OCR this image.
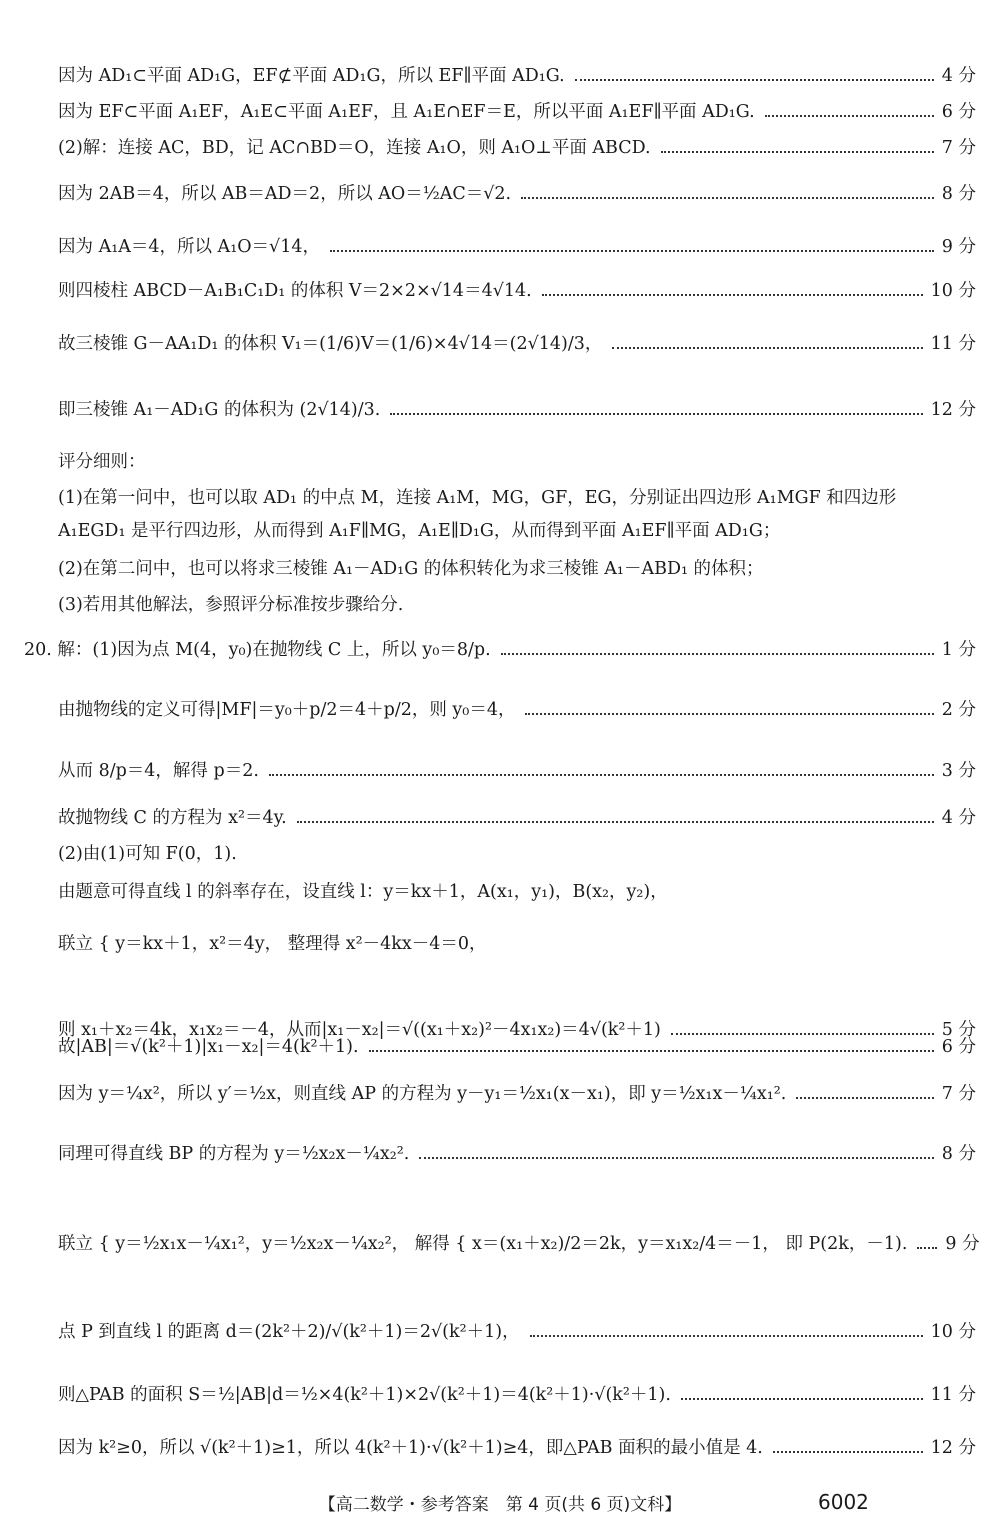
因为 AD₁⊂平面 AD₁G，EF⊄平面 AD₁G，所以 EF∥平面 AD₁G.	4 分
因为 EF⊂平面 A₁EF，A₁E⊂平面 A₁EF，且 A₁E∩EF＝E，所以平面 A₁EF∥平面 AD₁G.	6 分
(2)解：连接 AC，BD，记 AC∩BD＝O，连接 A₁O，则 A₁O⊥平面 ABCD.	7 分
因为 2AB＝4，所以 AB＝AD＝2，所以 AO＝½AC＝√2.	8 分
因为 A₁A＝4，所以 A₁O＝√14，	9 分
则四棱柱 ABCD－A₁B₁C₁D₁ 的体积 V＝2×2×√14＝4√14.	10 分
故三棱锥 G－AA₁D₁ 的体积 V₁＝(1/6)V＝(1/6)×4√14＝(2√14)/3，	11 分
即三棱锥 A₁－AD₁G 的体积为 (2√14)/3.	12 分
评分细则：
(1)在第一问中，也可以取 AD₁ 的中点 M，连接 A₁M，MG，GF，EG，分别证出四边形 A₁MGF 和四边形
A₁EGD₁ 是平行四边形，从而得到 A₁F∥MG，A₁E∥D₁G，从而得到平面 A₁EF∥平面 AD₁G；
(2)在第二问中，也可以将求三棱锥 A₁－AD₁G 的体积转化为求三棱锥 A₁－ABD₁ 的体积；
(3)若用其他解法，参照评分标准按步骤给分.
20. 解：(1)因为点 M(4，y₀)在抛物线 C 上，所以 y₀＝8/p.	1 分
由抛物线的定义可得|MF|＝y₀＋p/2＝4＋p/2，则 y₀＝4，	2 分
从而 8/p＝4，解得 p＝2.	3 分
故抛物线 C 的方程为 x²＝4y.	4 分
(2)由(1)可知 F(0，1).
由题意可得直线 l 的斜率存在，设直线 l：y＝kx＋1，A(x₁，y₁)，B(x₂，y₂)，
联立 { y＝kx＋1，x²＝4y， 整理得 x²－4kx－4＝0，
则 x₁＋x₂＝4k，x₁x₂＝－4，从而|x₁－x₂|＝√((x₁＋x₂)²－4x₁x₂)＝4√(k²＋1)	5 分
故|AB|＝√(k²＋1)|x₁－x₂|＝4(k²＋1).	6 分
因为 y＝¼x²，所以 y′＝½x，则直线 AP 的方程为 y－y₁＝½x₁(x－x₁)，即 y＝½x₁x－¼x₁².	7 分
同理可得直线 BP 的方程为 y＝½x₂x－¼x₂².	8 分
联立 { y＝½x₁x－¼x₁²，y＝½x₂x－¼x₂²， 解得 { x＝(x₁＋x₂)/2＝2k，y＝x₁x₂/4＝－1， 即 P(2k，－1). 9 分
点 P 到直线 l 的距离 d＝(2k²＋2)/√(k²＋1)＝2√(k²＋1)，	10 分
则△PAB 的面积 S＝½|AB|d＝½×4(k²＋1)×2√(k²＋1)＝4(k²＋1)·√(k²＋1).	11 分
因为 k²≥0，所以 √(k²＋1)≥1，所以 4(k²＋1)·√(k²＋1)≥4，即△PAB 面积的最小值是 4.	12 分
【高二数学・参考答案　第 4 页(共 6 页)文科】	6002
